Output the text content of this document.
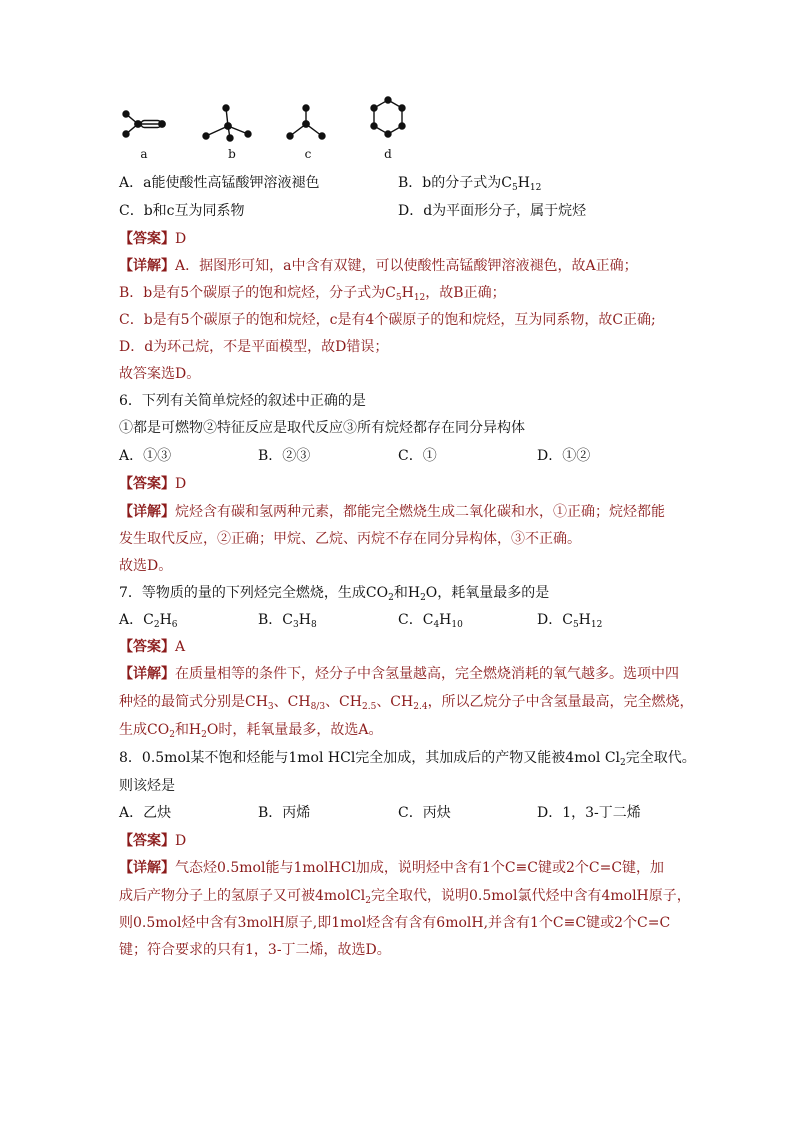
a	b	c	d
A．a能使酸性高锰酸钾溶液褪色	B．b的分子式为$C_5H_{12}$
C．b和c互为同系物	D．d为平面形分子，属于烷烃
【答案】D
【详解】A．据图形可知，a中含有双键，可以使酸性高锰酸钾溶液褪色，故A正确；
B．b是有5个碳原子的饱和烷烃，分子式为$C_5H_{12}$，故B正确；
C．b是有5个碳原子的饱和烷烃，c是有4个碳原子的饱和烷烃，互为同系物，故C正确;
D．d为环己烷，不是平面模型，故D错误；
故答案选D。
6．下列有关简单烷烃的叙述中正确的是
①都是可燃物②特征反应是取代反应③所有烷烃都存在同分异构体
A．①③	B．②③	C．①	D．①②
【答案】D
【详解】烷烃含有碳和氢两种元素，都能完全燃烧生成二氧化碳和水，①正确；烷烃都能
发生取代反应，②正确；甲烷、乙烷、丙烷不存在同分异构体，③不正确。
故选D。
7．等物质的量的下列烃完全燃烧，生成$CO_2$和$H_2O$，耗氧量最多的是
A．$C_2H_6$	B．$C_3H_8$	C．$C_4H_{10}$	D．$C_5H_{12}$
【答案】A
【详解】在质量相等的条件下，烃分子中含氢量越高，完全燃烧消耗的氧气越多。选项中四
种烃的最简式分别是$CH_3$、$CH_{8/3}$、$CH_{2.5}$、$CH_{2.4}$，所以乙烷分子中含氢量最高，完全燃烧，
生成$CO_2$和$H_2O$时，耗氧量最多，故选A。
8．0.5mol某不饱和烃能与1mol HCl完全加成，其加成后的产物又能被4mol $Cl_2$完全取代。
则该烃是
A．乙炔	B．丙烯	C．丙炔	D．1，3-丁二烯
【答案】D
【详解】气态烃0.5mol能与1molHCl加成，说明烃中含有1个C≡C键或2个C=C键，加
成后产物分子上的氢原子又可被4molCl$_2$完全取代，说明0.5mol氯代烃中含有4molH原子，
则0.5mol烃中含有3molH原子,即1mol烃含有含有6molH,并含有1个C≡C键或2个C=C
键；符合要求的只有1，3-丁二烯，故选D。
